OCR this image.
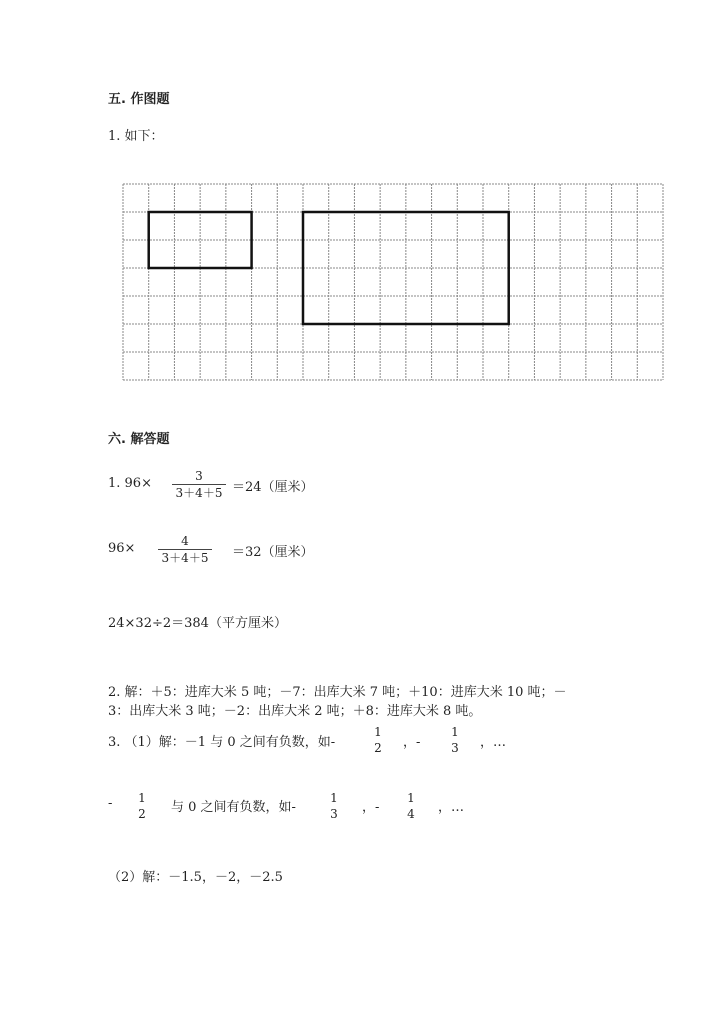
五. 作图题
1. 如下：
六. 解答题
1. $96\times \frac{3}{3+4+5} =24$（厘米）
$96\times \frac{4}{3+4+5} =32$（厘米）
24×32÷2＝384（平方厘米）
2. 解：＋5：进库大米 5 吨；－7：出库大米 7 吨；＋10：进库大米 10 吨；－
3：出库大米 3 吨；－2：出库大米 2 吨；＋8：进库大米 8 吨。
3. （1）解：－1 与 0 之间有负数，如-
1
2 ，-
1
3 ，…
- 1
2 与 0 之间有负数，如-
1
3 ，-
1
4 ，…
（2）解：－1.5，－2，－2.5
